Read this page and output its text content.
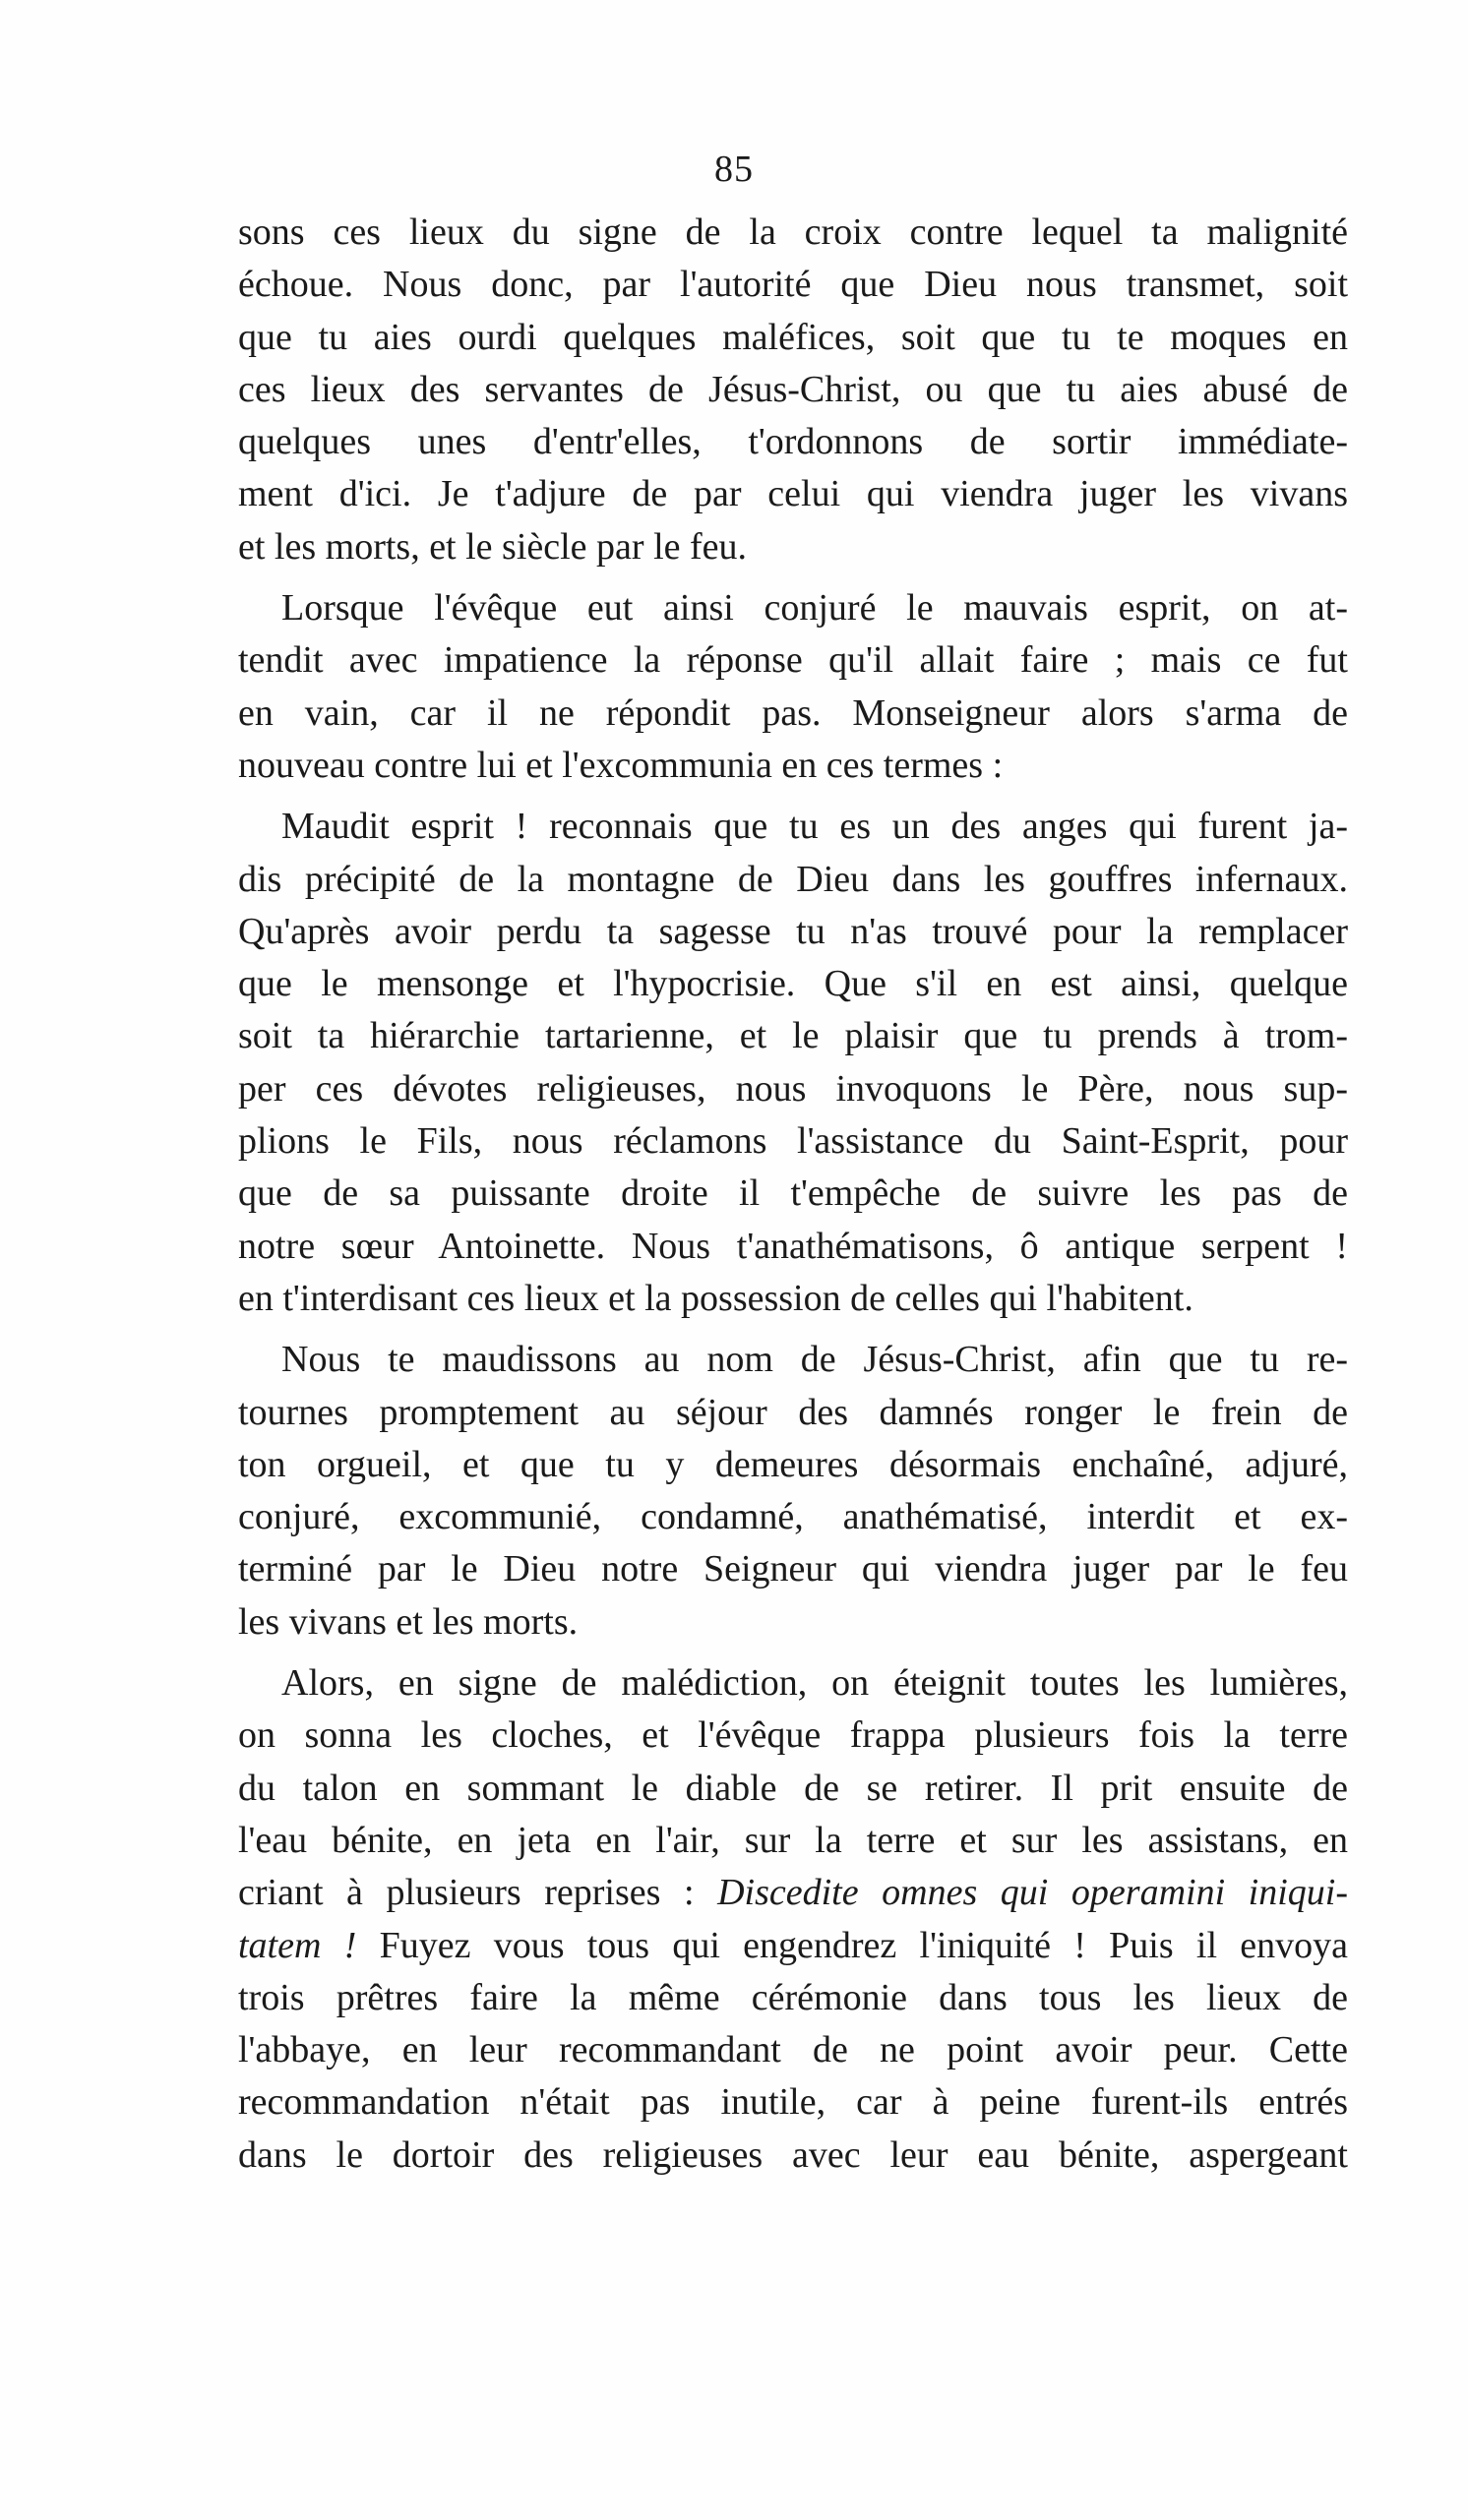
85
sons ces lieux du signe de la croix contre lequel ta malignité
échoue. Nous donc, par l'autorité que Dieu nous transmet, soit
que tu aies ourdi quelques maléfices, soit que tu te moques en
ces lieux des servantes de Jésus-Christ, ou que tu aies abusé de
quelques unes d'entr'elles, t'ordonnons de sortir immédiate-
ment d'ici. Je t'adjure de par celui qui viendra juger les vivans
et les morts, et le siècle par le feu.
Lorsque l'évêque eut ainsi conjuré le mauvais esprit, on at-
tendit avec impatience la réponse qu'il allait faire ; mais ce fut
en vain, car il ne répondit pas. Monseigneur alors s'arma de
nouveau contre lui et l'excommunia en ces termes :
Maudit esprit ! reconnais que tu es un des anges qui furent ja-
dis précipité de la montagne de Dieu dans les gouffres infernaux.
Qu'après avoir perdu ta sagesse tu n'as trouvé pour la remplacer
que le mensonge et l'hypocrisie. Que s'il en est ainsi, quelque
soit ta hiérarchie tartarienne, et le plaisir que tu prends à trom-
per ces dévotes religieuses, nous invoquons le Père, nous sup-
plions le Fils, nous réclamons l'assistance du Saint-Esprit, pour
que de sa puissante droite il t'empêche de suivre les pas de
notre sœur Antoinette. Nous t'anathématisons, ô antique serpent !
en t'interdisant ces lieux et la possession de celles qui l'habitent.
Nous te maudissons au nom de Jésus-Christ, afin que tu re-
tournes promptement au séjour des damnés ronger le frein de
ton orgueil, et que tu y demeures désormais enchaîné, adjuré,
conjuré, excommunié, condamné, anathématisé, interdit et ex-
terminé par le Dieu notre Seigneur qui viendra juger par le feu
les vivans et les morts.
Alors, en signe de malédiction, on éteignit toutes les lumières,
on sonna les cloches, et l'évêque frappa plusieurs fois la terre
du talon en sommant le diable de se retirer. Il prit ensuite de
l'eau bénite, en jeta en l'air, sur la terre et sur les assistans, en
criant à plusieurs reprises : Discedite omnes qui operamini iniqui-
tatem ! Fuyez vous tous qui engendrez l'iniquité ! Puis il envoya
trois prêtres faire la même cérémonie dans tous les lieux de
l'abbaye, en leur recommandant de ne point avoir peur. Cette
recommandation n'était pas inutile, car à peine furent-ils entrés
dans le dortoir des religieuses avec leur eau bénite, aspergeant
